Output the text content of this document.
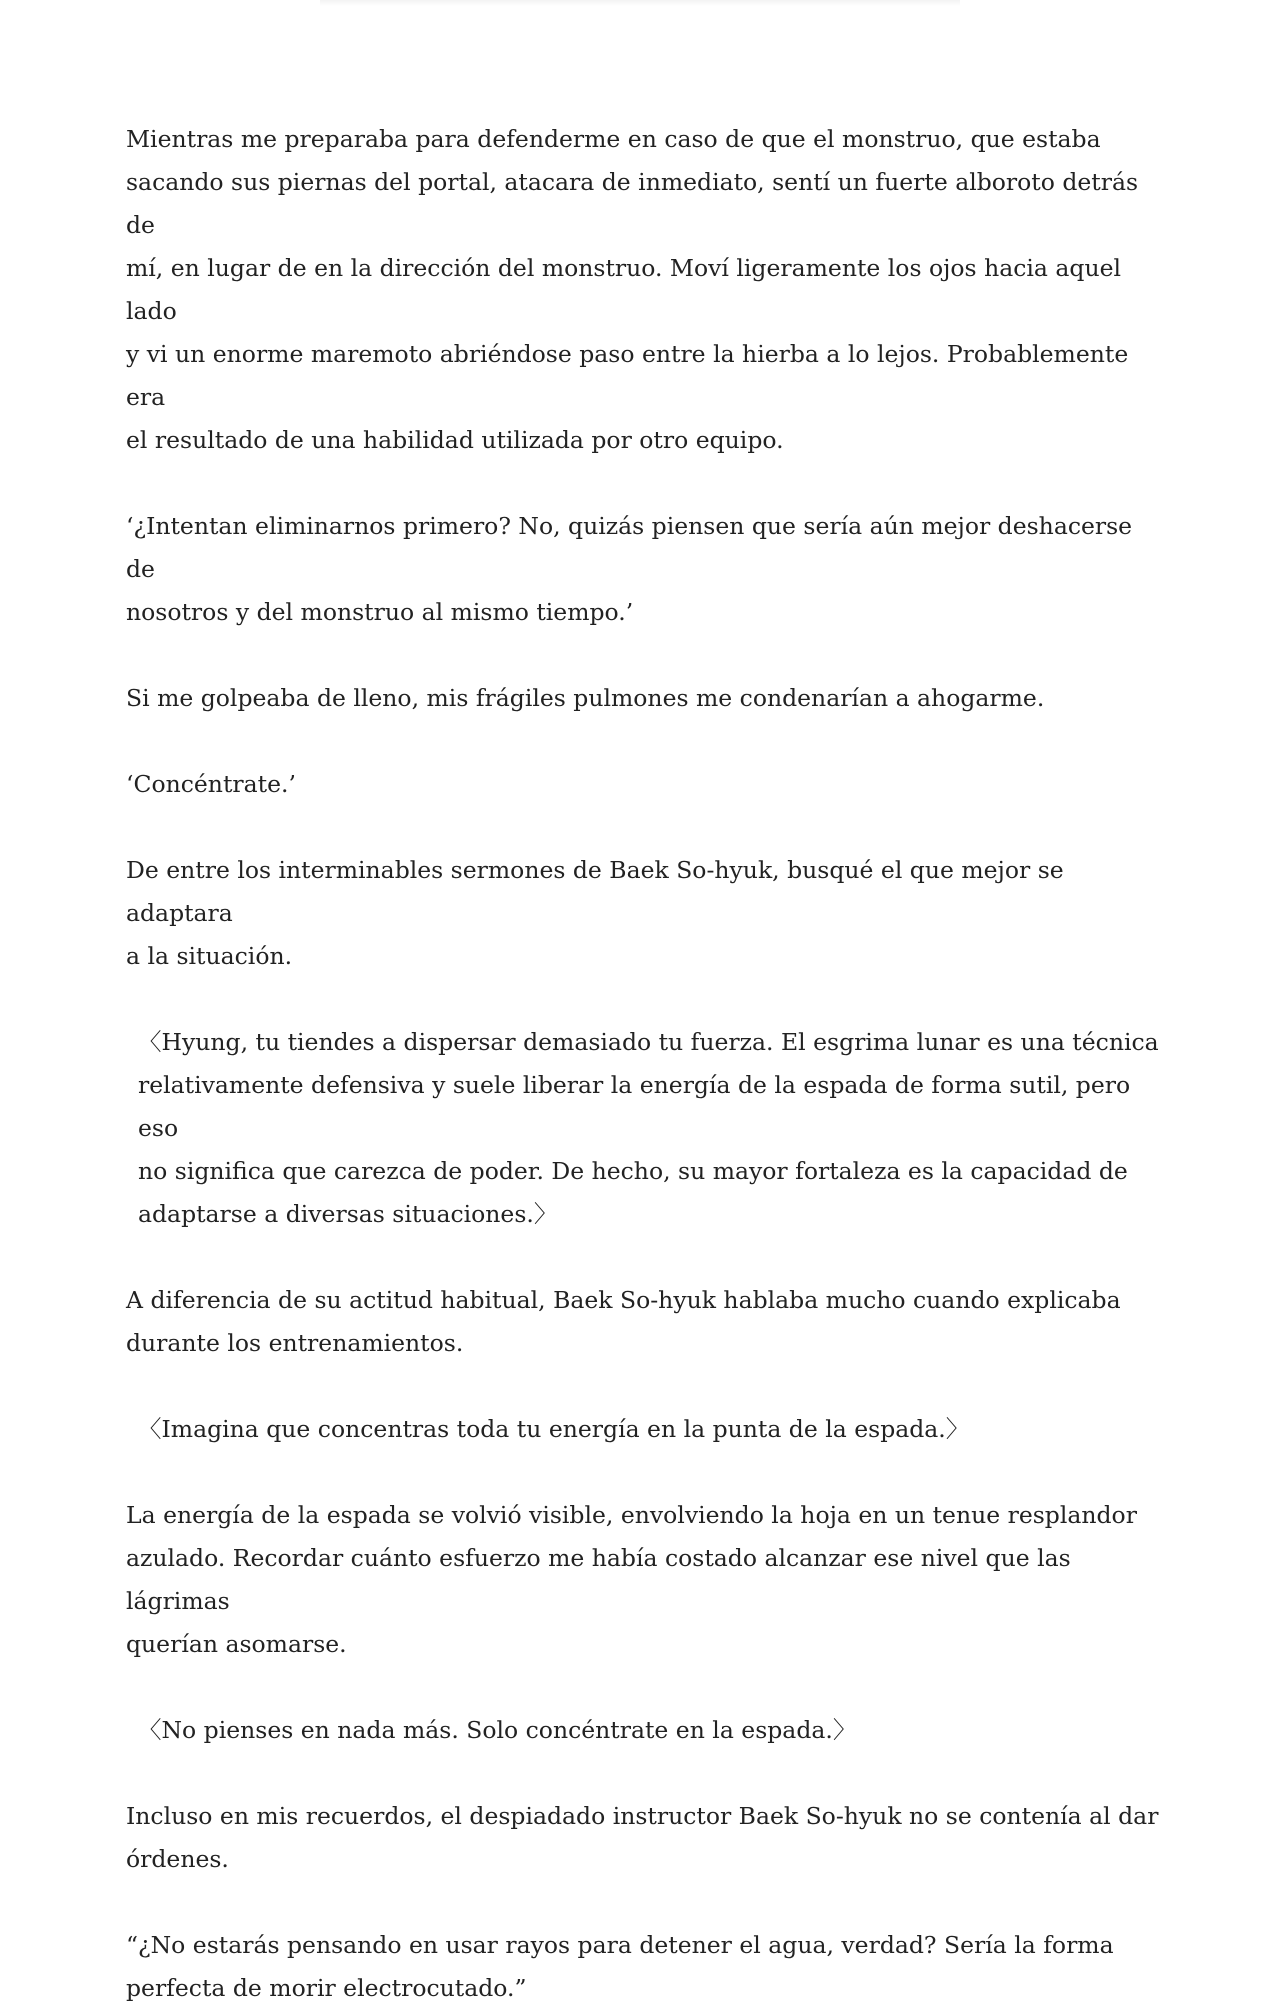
Mientras me preparaba para defenderme en caso de que el monstruo, que estaba
sacando sus piernas del portal, atacara de inmediato, sentí un fuerte alboroto detrás de
mí, en lugar de en la dirección del monstruo. Moví ligeramente los ojos hacia aquel lado
y vi un enorme maremoto abriéndose paso entre la hierba a lo lejos. Probablemente era
el resultado de una habilidad utilizada por otro equipo.

‘¿Intentan eliminarnos primero? No, quizás piensen que sería aún mejor deshacerse de
nosotros y del monstruo al mismo tiempo.’

Si me golpeaba de lleno, mis frágiles pulmones me condenarían a ahogarme.

‘Concéntrate.’

De entre los interminables sermones de Baek So-hyuk, busqué el que mejor se adaptara
a la situación.

〈Hyung, tu tiendes a dispersar demasiado tu fuerza. El esgrima lunar es una técnica
relativamente defensiva y suele liberar la energía de la espada de forma sutil, pero eso
no significa que carezca de poder. De hecho, su mayor fortaleza es la capacidad de
adaptarse a diversas situaciones.〉

A diferencia de su actitud habitual, Baek So-hyuk hablaba mucho cuando explicaba
durante los entrenamientos.

〈Imagina que concentras toda tu energía en la punta de la espada.〉

La energía de la espada se volvió visible, envolviendo la hoja en un tenue resplandor
azulado. Recordar cuánto esfuerzo me había costado alcanzar ese nivel que las lágrimas
querían asomarse.

〈No pienses en nada más. Solo concéntrate en la espada.〉

Incluso en mis recuerdos, el despiadado instructor Baek So-hyuk no se contenía al dar
órdenes.

“¿No estarás pensando en usar rayos para detener el agua, verdad? Sería la forma
perfecta de morir electrocutado.”
